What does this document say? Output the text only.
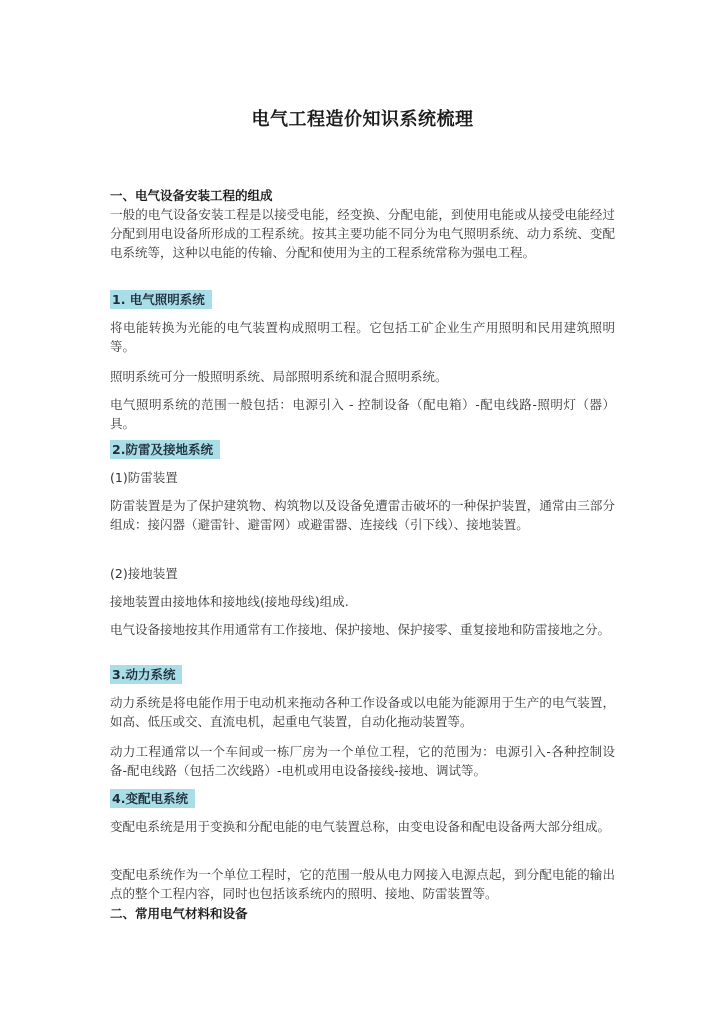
电气工程造价知识系统梳理
一、电气设备安装工程的组成

一般的电气设备安装工程是以接受电能，经变换、分配电能，到使用电能或从接受电能经过分配到用电设备所形成的工程系统。按其主要功能不同分为电气照明系统、动力系统、变配电系统等，这种以电能的传输、分配和使用为主的工程系统常称为强电工程。

1. 电气照明系统

将电能转换为光能的电气装置构成照明工程。它包括工矿企业生产用照明和民用建筑照明等。

照明系统可分一般照明系统、局部照明系统和混合照明系统。

电气照明系统的范围一般包括：电源引入 - 控制设备（配电箱）-配电线路-照明灯（器）具。

2.防雷及接地系统

(1)防雷装置

防雷装置是为了保护建筑物、构筑物以及设备免遭雷击破坏的一种保护装置，通常由三部分组成：接闪器（避雷针、避雷网）或避雷器、连接线（引下线）、接地装置。

(2)接地装置

接地装置由接地体和接地线(接地母线)组成.

电气设备接地按其作用通常有工作接地、保护接地、保护接零、重复接地和防雷接地之分。

3.动力系统

动力系统是将电能作用于电动机来拖动各种工作设备或以电能为能源用于生产的电气装置，如高、低压或交、直流电机，起重电气装置，自动化拖动装置等。

动力工程通常以一个车间或一栋厂房为一个单位工程，它的范围为：电源引入-各种控制设备-配电线路（包括二次线路）-电机或用电设备接线-接地、调试等。

4.变配电系统

变配电系统是用于变换和分配电能的电气装置总称，由变电设备和配电设备两大部分组成。

变配电系统作为一个单位工程时，它的范围一般从电力网接入电源点起，到分配电能的输出点的整个工程内容，同时也包括该系统内的照明、接地、防雷装置等。

二、常用电气材料和设备
